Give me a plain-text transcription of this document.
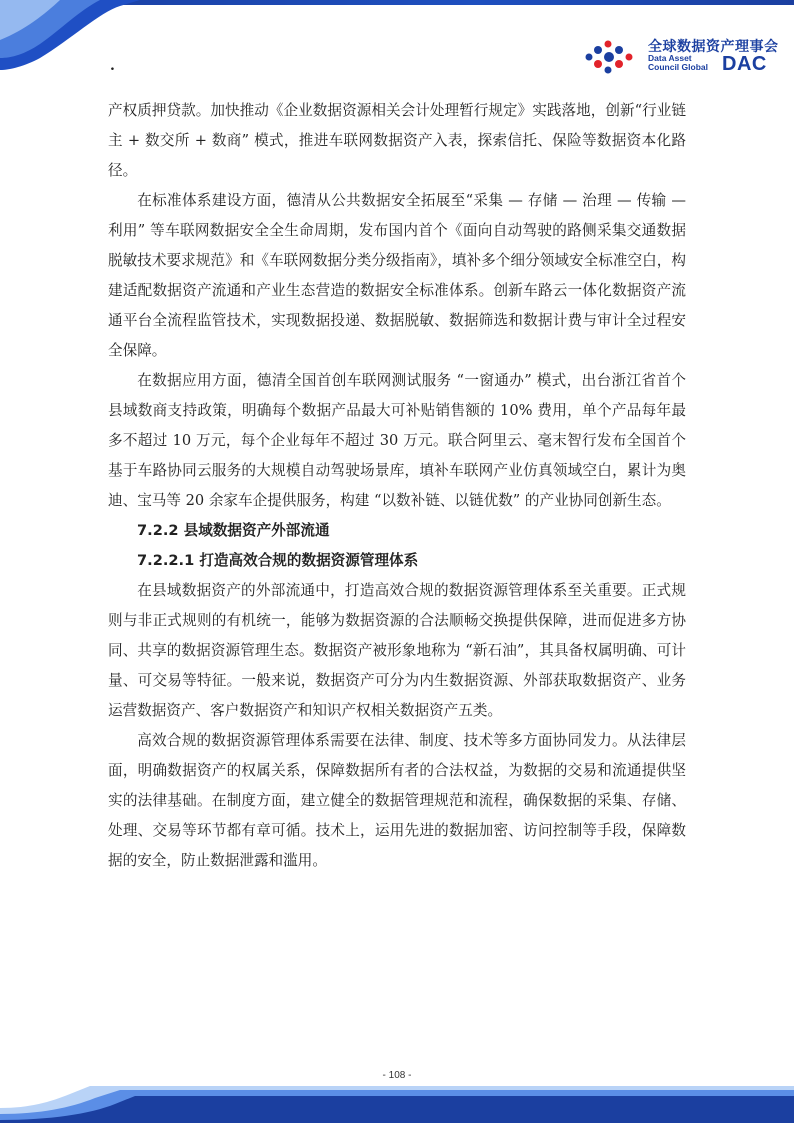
.
全球数据资产理事会
Data Asset
Council Global DAC

产权质押贷款。加快推动《企业数据资源相关会计处理暂行规定》实践落地，创新“行业链主 + 数交所 + 数商” 模式，推进车联网数据资产入表，探索信托、保险等数据资本化路径。

在标准体系建设方面，德清从公共数据安全拓展至“采集 — 存储 — 治理 — 传输 — 利用” 等车联网数据安全全生命周期，发布国内首个《面向自动驾驶的路侧采集交通数据脱敏技术要求规范》和《车联网数据分类分级指南》，填补多个细分领域安全标准空白，构建适配数据资产流通和产业生态营造的数据安全标准体系。创新车路云一体化数据资产流通平台全流程监管技术，实现数据投递、数据脱敏、数据筛选和数据计费与审计全过程安全保障。

在数据应用方面，德清全国首创车联网测试服务 “一窗通办” 模式，出台浙江省首个县域数商支持政策，明确每个数据产品最大可补贴销售额的 10% 费用，单个产品每年最多不超过 10 万元，每个企业每年不超过 30 万元。联合阿里云、毫末智行发布全国首个基于车路协同云服务的大规模自动驾驶场景库，填补车联网产业仿真领域空白，累计为奥迪、宝马等 20 余家车企提供服务，构建 “以数补链、以链优数” 的产业协同创新生态。

7.2.2 县域数据资产外部流通
7.2.2.1 打造高效合规的数据资源管理体系

在县域数据资产的外部流通中，打造高效合规的数据资源管理体系至关重要。正式规则与非正式规则的有机统一，能够为数据资源的合法顺畅交换提供保障，进而促进多方协同、共享的数据资源管理生态。数据资产被形象地称为 “新石油”，其具备权属明确、可计量、可交易等特征。一般来说，数据资产可分为内生数据资源、外部获取数据资产、业务运营数据资产、客户数据资产和知识产权相关数据资产五类。

高效合规的数据资源管理体系需要在法律、制度、技术等多方面协同发力。从法律层面，明确数据资产的权属关系，保障数据所有者的合法权益，为数据的交易和流通提供坚实的法律基础。在制度方面，建立健全的数据管理规范和流程，确保数据的采集、存储、处理、交易等环节都有章可循。技术上，运用先进的数据加密、访问控制等手段，保障数据的安全，防止数据泄露和滥用。

- 108 -
